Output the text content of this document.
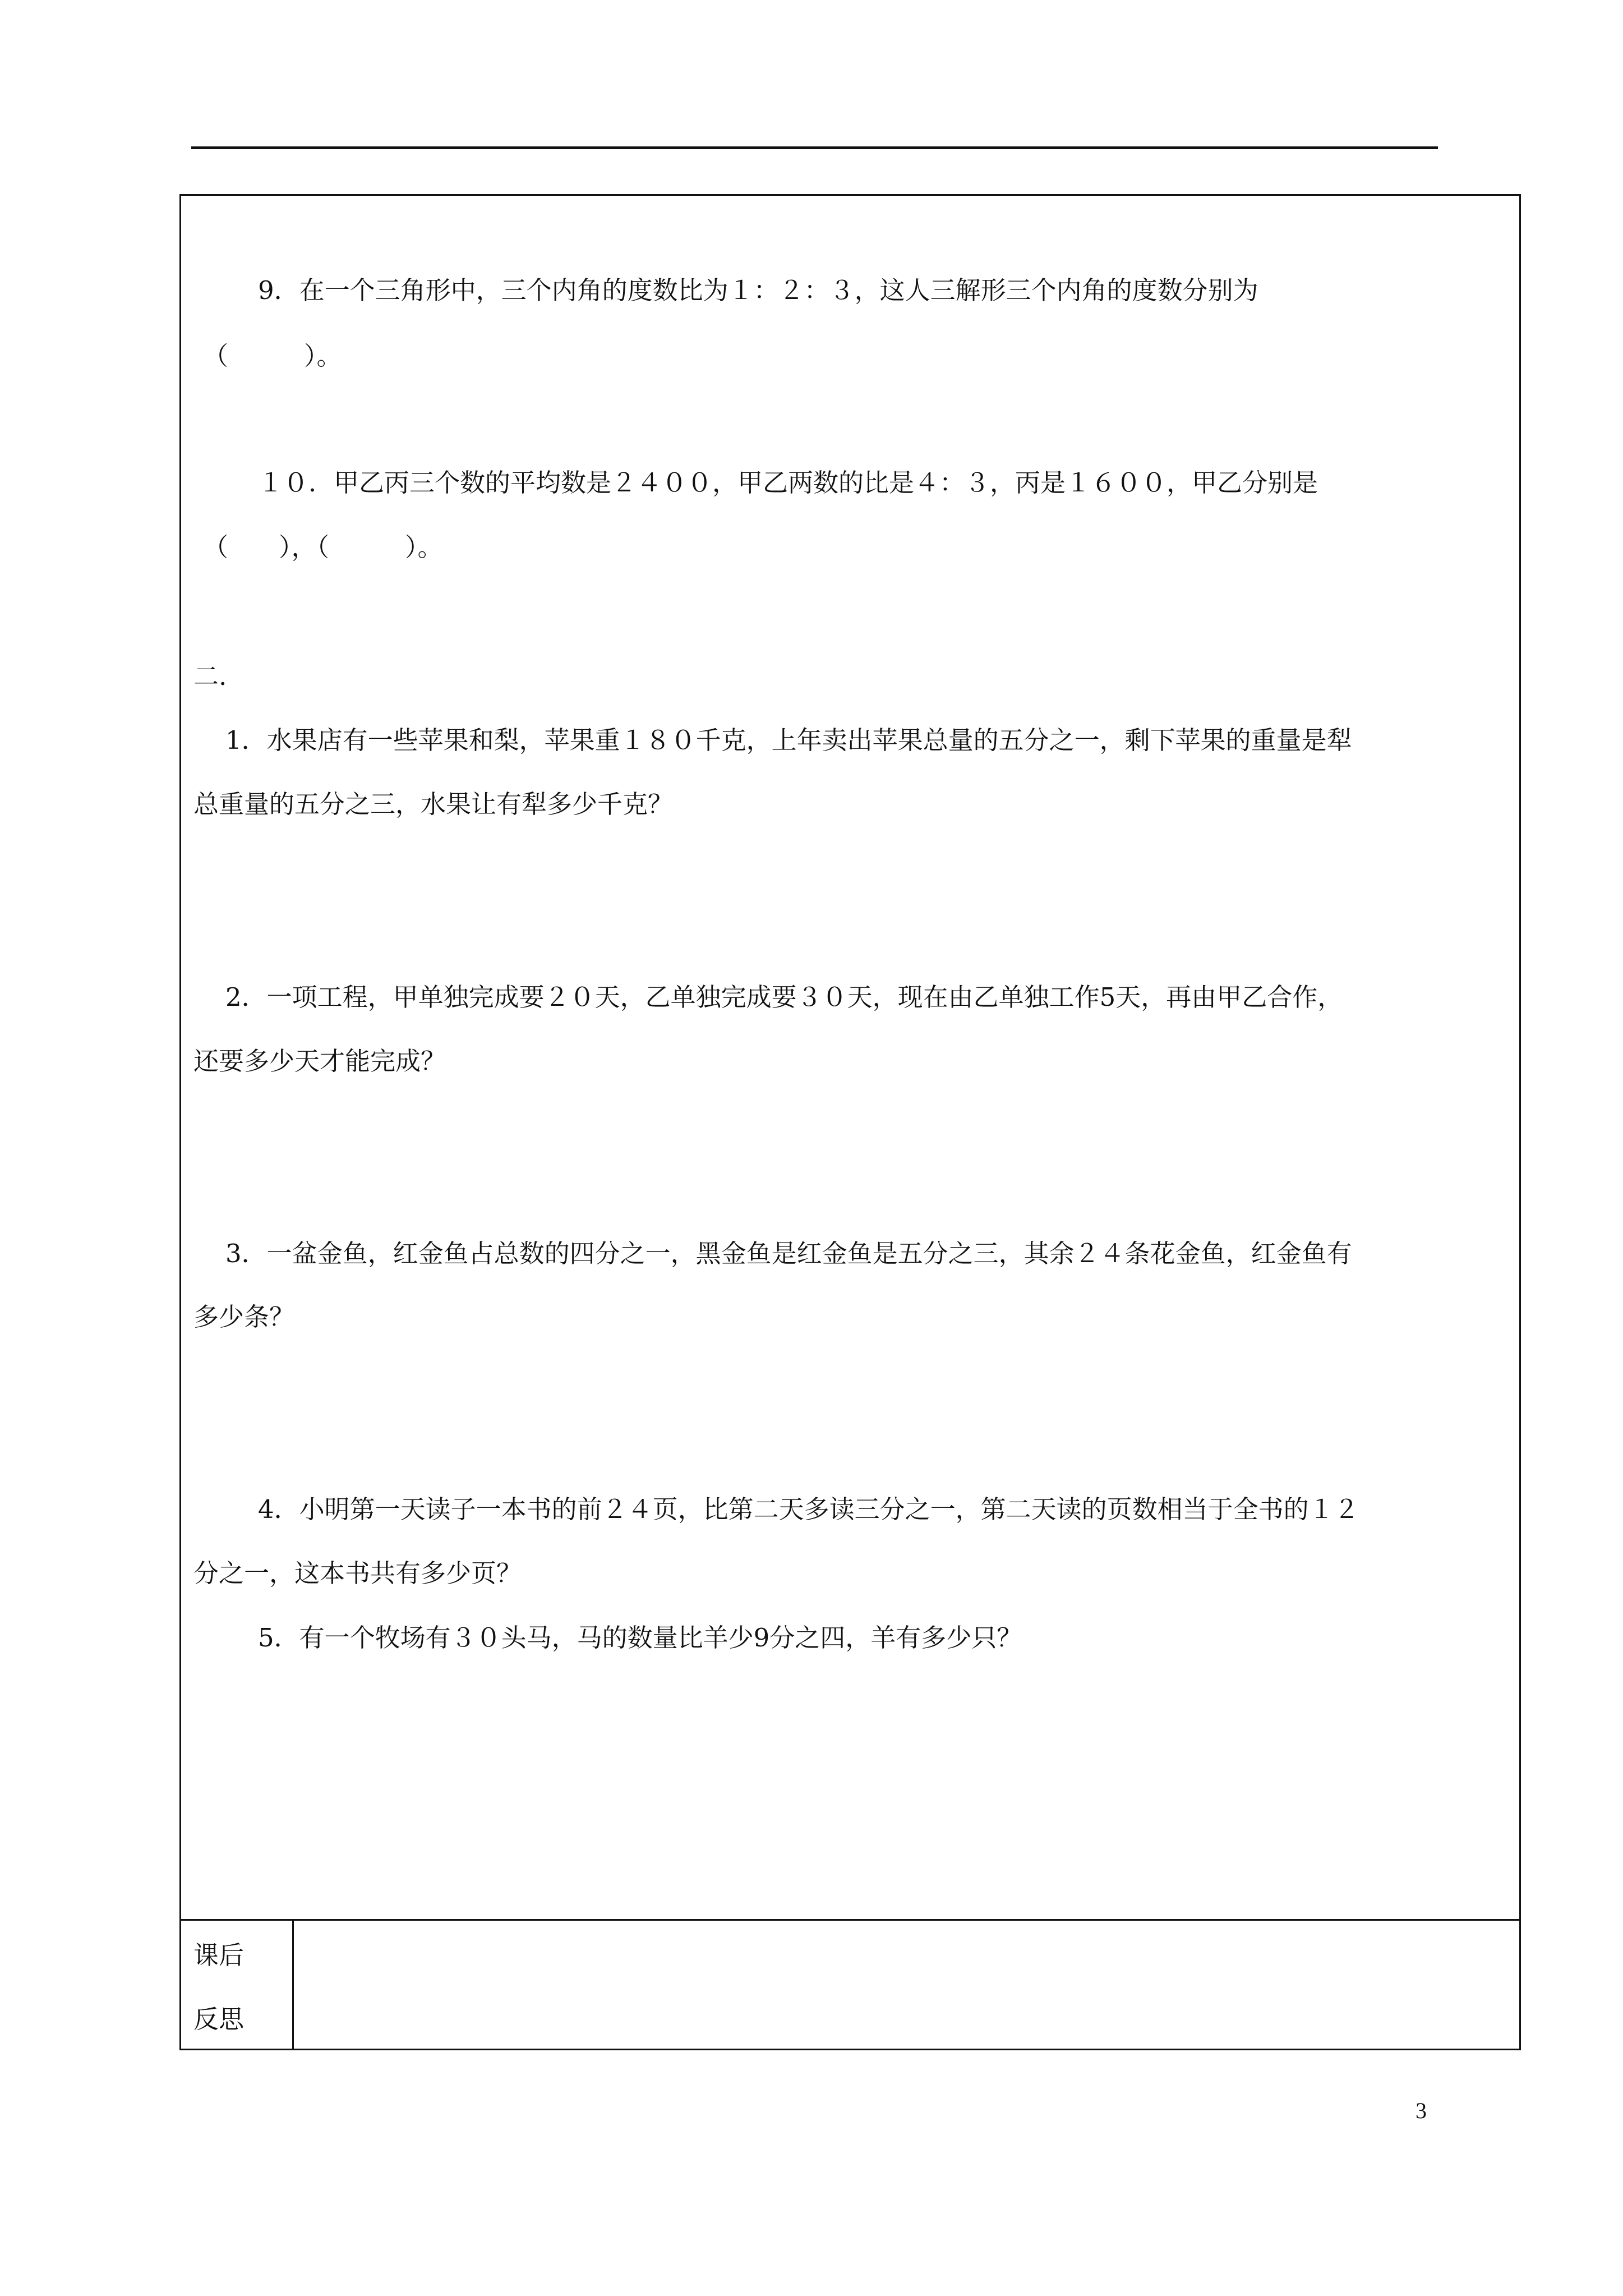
9．在一个三角形中，三个内角的度数比为１：２：３，这人三解形三个内角的度数分别为

（　　　）。

１０．甲乙丙三个数的平均数是２４００，甲乙两数的比是４：３，丙是１６００，甲乙分别是

（　　），（　　　）。

二.

1．水果店有一些苹果和梨，苹果重１８０千克，上年卖出苹果总量的五分之一，剩下苹果的重量是犁

总重量的五分之三，水果让有犁多少千克？

2．一项工程，甲单独完成要２０天，乙单独完成要３０天，现在由乙单独工作5天，再由甲乙合作，

还要多少天才能完成？

3．一盆金鱼，红金鱼占总数的四分之一，黑金鱼是红金鱼是五分之三，其余２４条花金鱼，红金鱼有

多少条？

4．小明第一天读子一本书的前２４页，比第二天多读三分之一，第二天读的页数相当于全书的１２

分之一，这本书共有多少页？

5．有一个牧场有３０头马，马的数量比羊少9分之四，羊有多少只？

课后

反思

3
